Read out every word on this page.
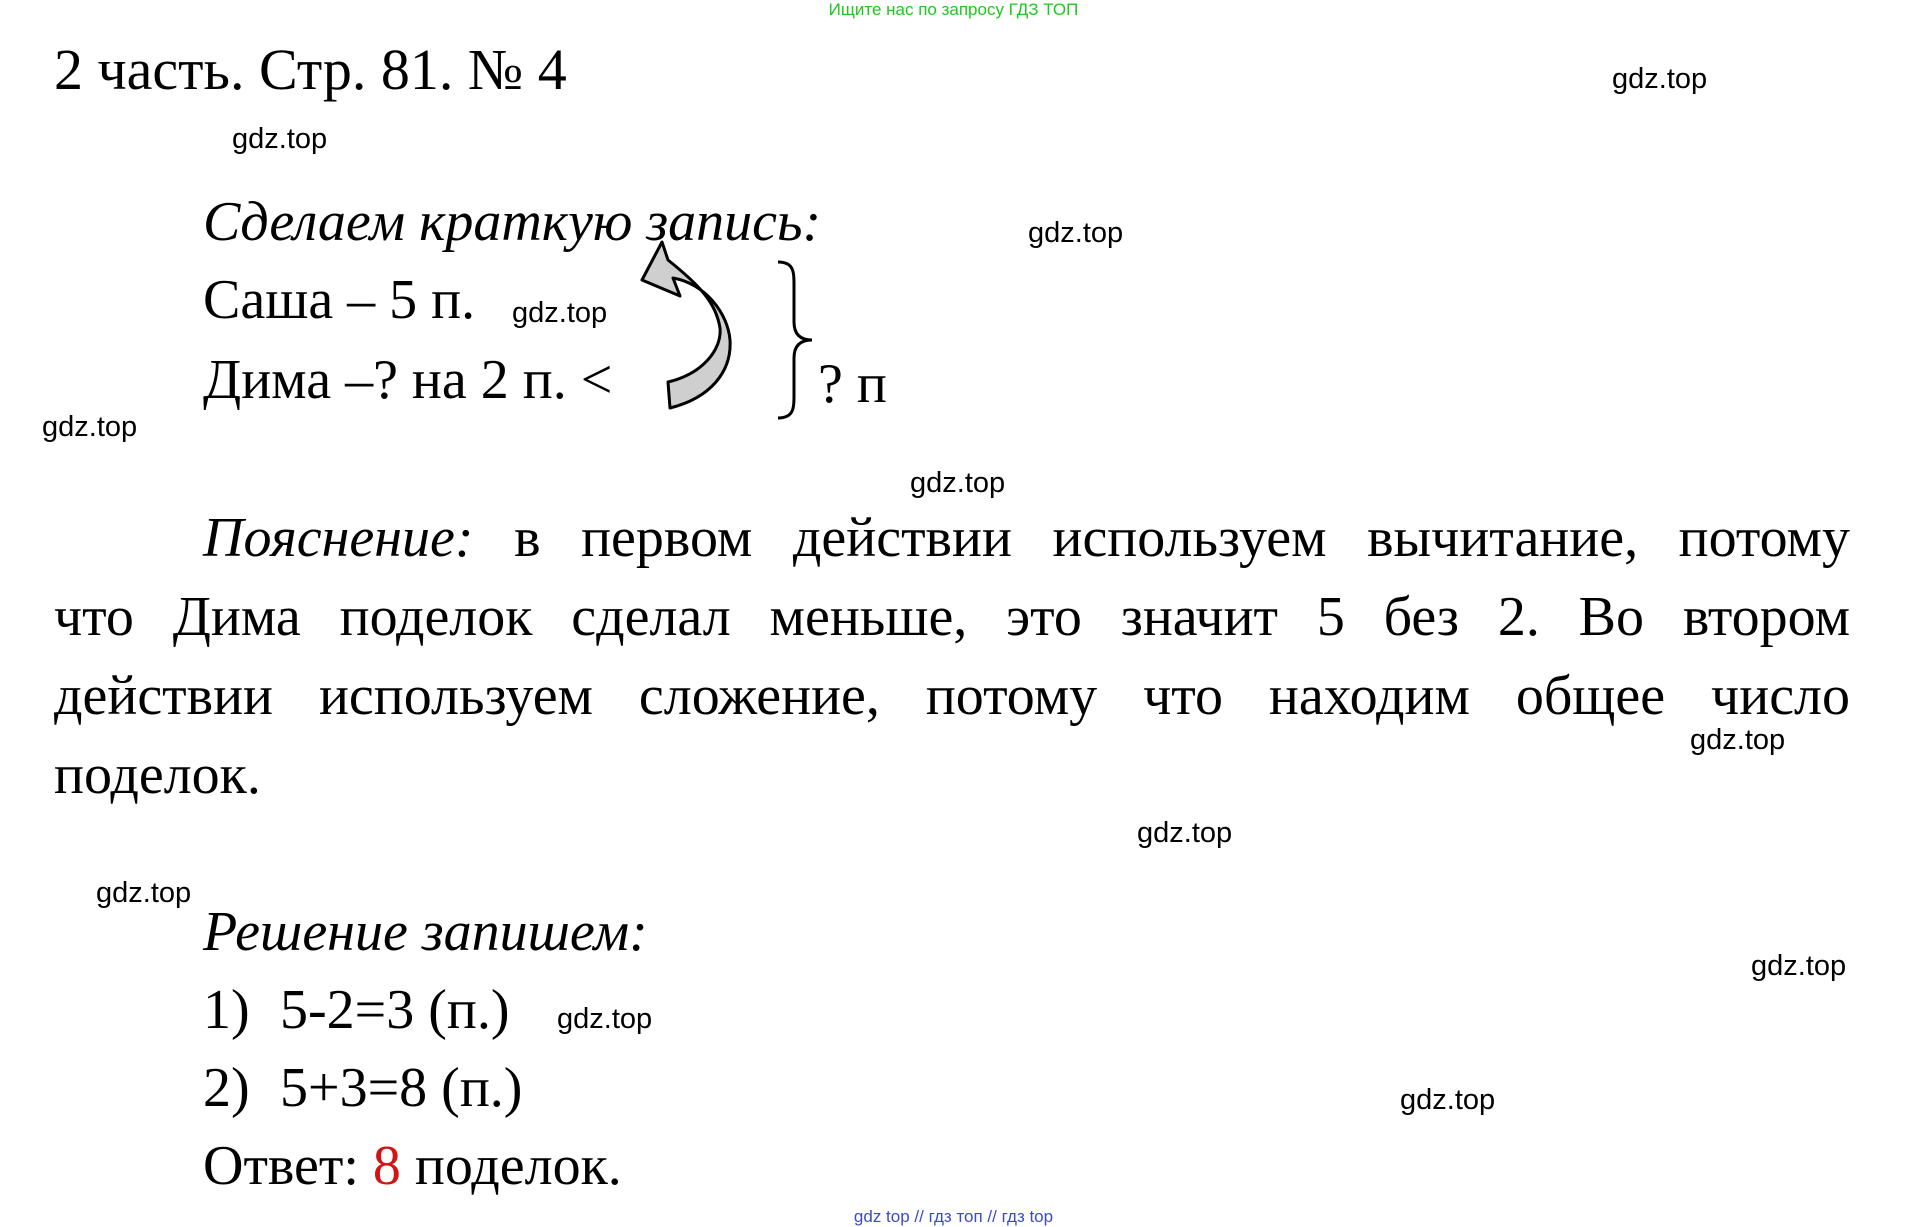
Ищите нас по запросу ГДЗ ТОП
2 часть. Стр. 81. № 4
Сделаем краткую запись:
Саша – 5 п.
Дима –? на 2 п. <	? п
Пояснение: в первом действии используем вычитание, потому
что Дима поделок сделал меньше, это значит 5 без 2. Во втором
действии используем сложение, потому что находим общее число
поделок.
Решение запишем:
1) 5-2=3 (п.)
2) 5+3=8 (п.)
Ответ: 8 поделок.
gdz.top
gdz.top
gdz.top
gdz.top
gdz.top
gdz.top
gdz.top
gdz.top
gdz.top
gdz.top
gdz.top
gdz.top
gdz top // гдз топ // гдз top
